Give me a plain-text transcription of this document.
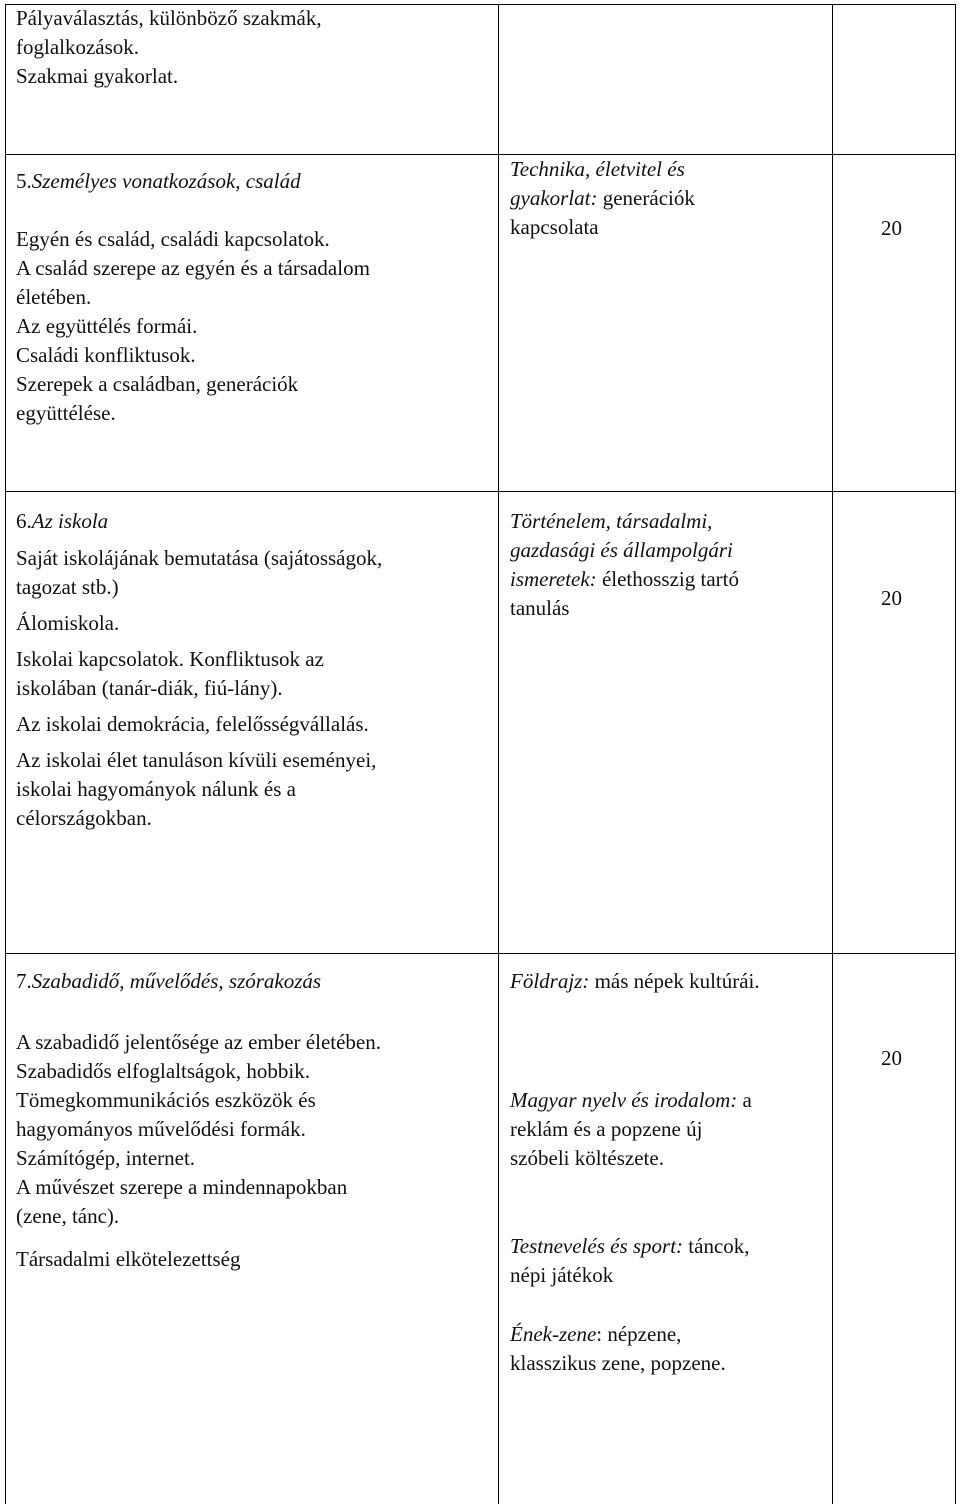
Pályaválasztás, különböző szakmák,

foglalkozások.

Szakmai gyakorlat.

5.Személyes vonatkozások, család

Egyén és család, családi kapcsolatok.

A család szerepe az egyén és a társadalom

életében.

Az együttélés formái.

Családi konfliktusok.

Szerepek a családban, generációk

együttélése.

Technika, életvitel és

gyakorlat: generációk

kapcsolata	20

6.Az iskola

Saját iskolájának bemutatása (sajátosságok,

tagozat stb.)

Álomiskola.

Iskolai kapcsolatok. Konfliktusok az

iskolában (tanár-diák, fiú-lány).

Az iskolai demokrácia, felelősségvállalás.

Az iskolai élet tanuláson kívüli eseményei,

iskolai hagyományok nálunk és a

célországokban.

Történelem, társadalmi,

gazdasági és állampolgári

ismeretek: élethosszig tartó

tanulás	20

7.Szabadidő, művelődés, szórakozás

A szabadidő jelentősége az ember életében.

Szabadidős elfoglaltságok, hobbik.

Tömegkommunikációs eszközök és

hagyományos művelődési formák.

Számítógép, internet.

A művészet szerepe a mindennapokban

(zene, tánc).

Társadalmi elkötelezettség

Földrajz: más népek kultúrái.

Magyar nyelv és irodalom: a

reklám és a popzene új

szóbeli költészete.

Testnevelés és sport: táncok,

népi játékok

Ének-zene: népzene,

klasszikus zene, popzene.

20
